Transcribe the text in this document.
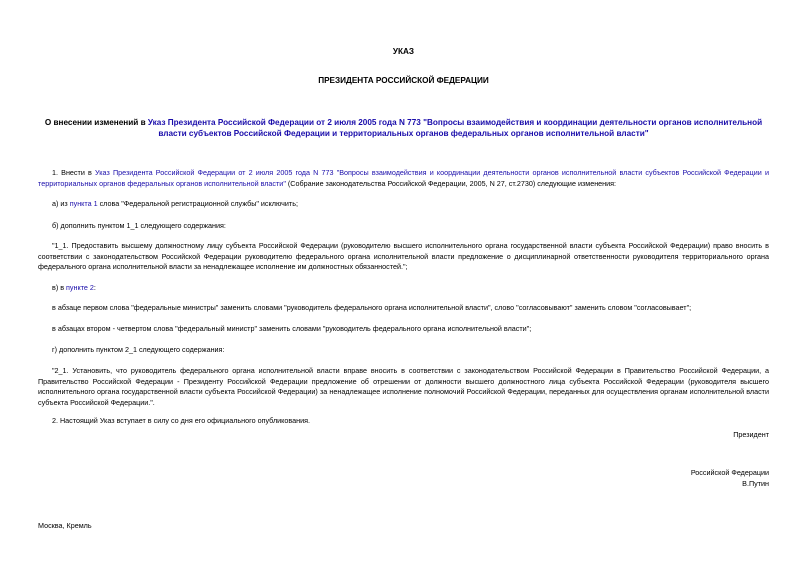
УКАЗ
ПРЕЗИДЕНТА РОССИЙСКОЙ ФЕДЕРАЦИИ
О внесении изменений в Указ Президента Российской Федерации от 2 июля 2005 года N 773 "Вопросы взаимодействия и координации деятельности органов исполнительной власти субъектов Российской Федерации и территориальных органов федеральных органов исполнительной власти"
1. Внести в Указ Президента Российской Федерации от 2 июля 2005 года N 773 "Вопросы взаимодействия и координации деятельности органов исполнительной власти субъектов Российской Федерации и территориальных органов федеральных органов исполнительной власти" (Собрание законодательства Российской Федерации, 2005, N 27, ст.2730) следующие изменения:
а) из пункта 1 слова "Федеральной регистрационной службы" исключить;
б) дополнить пунктом 1_1 следующего содержания:
"1_1. Предоставить высшему должностному лицу субъекта Российской Федерации (руководителю высшего исполнительного органа государственной власти субъекта Российской Федерации) право вносить в соответствии с законодательством Российской Федерации руководителю федерального органа исполнительной власти предложение о дисциплинарной ответственности руководителя территориального органа федерального органа исполнительной власти за ненадлежащее исполнение им должностных обязанностей.";
в) в пункте 2:
в абзаце первом слова "федеральные министры" заменить словами "руководитель федерального органа исполнительной власти", слово "согласовывают" заменить словом "согласовывает";
в абзацах втором - четвертом слова "федеральный министр" заменить словами "руководитель федерального органа исполнительной власти";
г) дополнить пунктом 2_1 следующего содержания:
"2_1. Установить, что руководитель федерального органа исполнительной власти вправе вносить в соответствии с законодательством Российской Федерации в Правительство Российской Федерации, а Правительство Российской Федерации - Президенту Российской Федерации предложение об отрешении от должности высшего должностного лица субъекта Российской Федерации (руководителя высшего исполнительного органа государственной власти субъекта Российской Федерации) за ненадлежащее исполнение полномочий Российской Федерации, переданных для осуществления органам исполнительной власти субъекта Российской Федерации.".
2. Настоящий Указ вступает в силу со дня его официального опубликования.
Президент
Российской Федерации
В.Путин
Москва, Кремль
